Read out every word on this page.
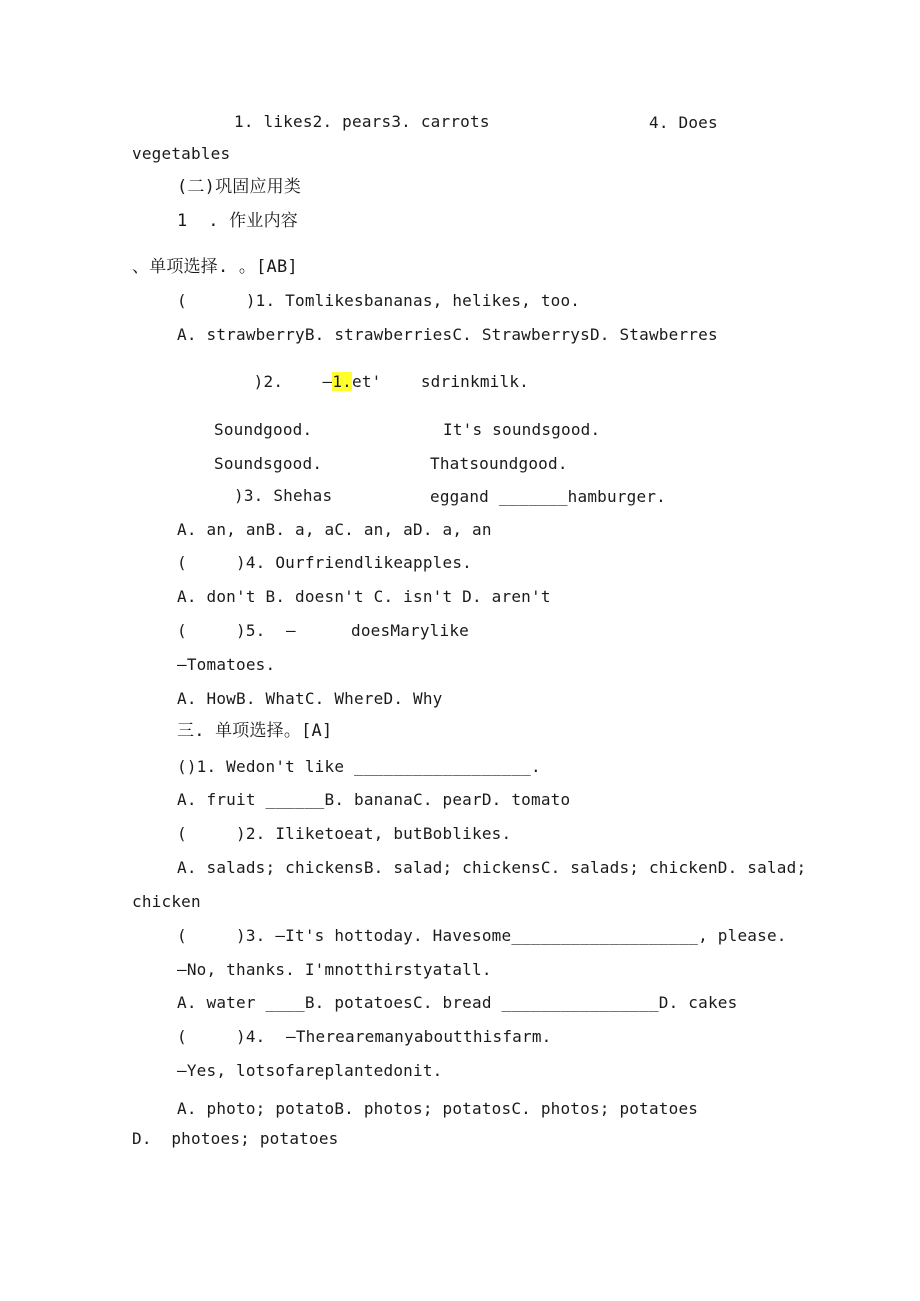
1. likes2. pears3. carrots	4. Does
vegetables
(二)巩固应用类
1  . 作业内容
、单项选择. 。[AB]
(      )1. Tomlikesbananas, helikes, too.
A. strawberryB. strawberriesC. StrawberrysD. Stawberres

)2.    —1.et'    sdrinkmilk.

Soundgood.	It's soundsgood.
Soundsgood.	Thatsoundgood.
)3. Shehas	eggand _______hamburger.
A. an, anB. a, aC. an, aD. a, an
(     )4. Ourfriendlikeapples.
A. don't B. doesn't C. isn't D. aren't
(     )5. —	doesMarylike
—Tomatoes.
A. HowB. WhatC. WhereD. Why
三. 单项选择。[A]
()1. Wedon't like __________________.
A. fruit ______B. bananaC. pearD. tomato
(     )2. Iliketoeat, butBoblikes.
A. salads; chickensB. salad; chickensC. salads; chickenD. salad;
chicken
(     )3. —It's hottoday. Havesome___________________, please.
—No, thanks. I'mnotthirstyatall.
A. water ____B. potatoesC. bread ________________D. cakes
(     )4. —Therearemanyaboutthisfarm.
—Yes, lotsofareplantedonit.
A. photo; potatoB. photos; potatosC. photos; potatoes
D.  photoes; potatoes
